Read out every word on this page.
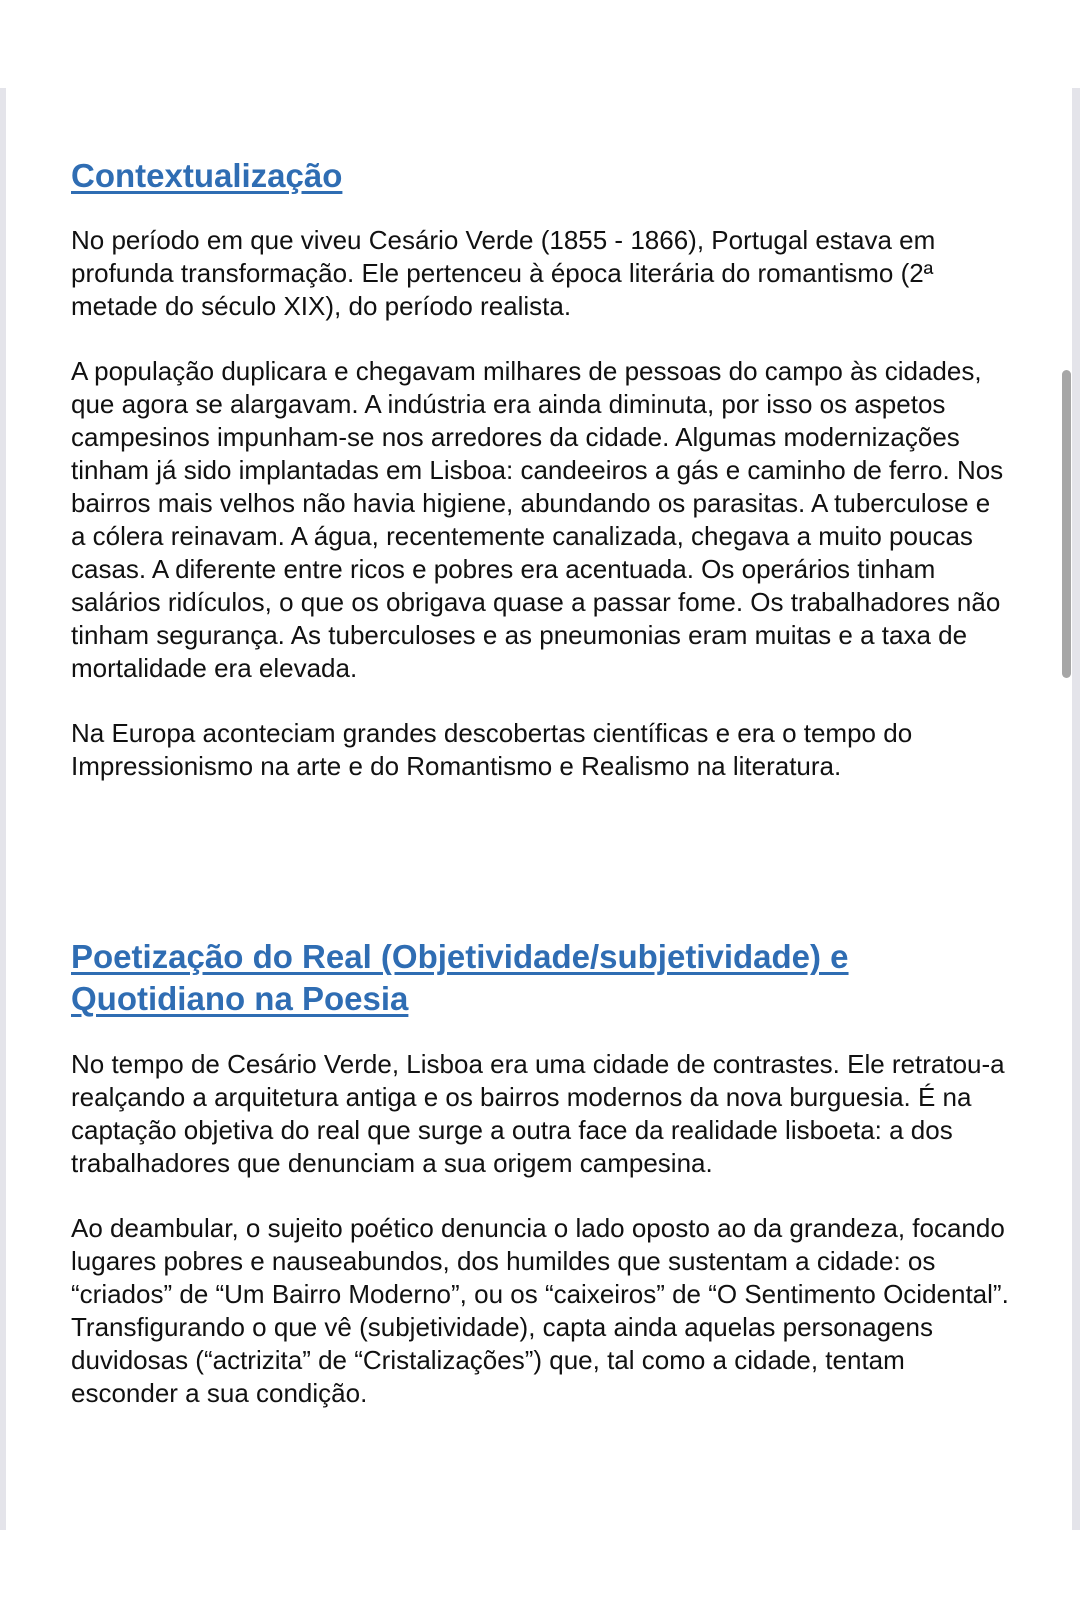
Contextualização

No período em que viveu Cesário Verde (1855 - 1866), Portugal estava em profunda transformação. Ele pertenceu à época literária do romantismo (2ª metade do século XIX), do período realista.

A população duplicara e chegavam milhares de pessoas do campo às cidades, que agora se alargavam. A indústria era ainda diminuta, por isso os aspetos campesinos impunham-se nos arredores da cidade. Algumas modernizações tinham já sido implantadas em Lisboa: candeeiros a gás e caminho de ferro. Nos bairros mais velhos não havia higiene, abundando os parasitas. A tuberculose e a cólera reinavam. A água, recentemente canalizada, chegava a muito poucas casas. A diferente entre ricos e pobres era acentuada. Os operários tinham salários ridículos, o que os obrigava quase a passar fome. Os trabalhadores não tinham segurança. As tuberculoses e as pneumonias eram muitas e a taxa de mortalidade era elevada.

Na Europa aconteciam grandes descobertas científicas e era o tempo do Impressionismo na arte e do Romantismo e Realismo na literatura.

Poetização do Real (Objetividade/subjetividade) e Quotidiano na Poesia

No tempo de Cesário Verde, Lisboa era uma cidade de contrastes. Ele retratou-a realçando a arquitetura antiga e os bairros modernos da nova burguesia. É na captação objetiva do real que surge a outra face da realidade lisboeta: a dos trabalhadores que denunciam a sua origem campesina.

Ao deambular, o sujeito poético denuncia o lado oposto ao da grandeza, focando lugares pobres e nauseabundos, dos humildes que sustentam a cidade: os “criados” de “Um Bairro Moderno”, ou os “caixeiros” de “O Sentimento Ocidental”. Transfigurando o que vê (subjetividade), capta ainda aquelas personagens duvidosas (“actrizita” de “Cristalizações”) que, tal como a cidade, tentam esconder a sua condição.
